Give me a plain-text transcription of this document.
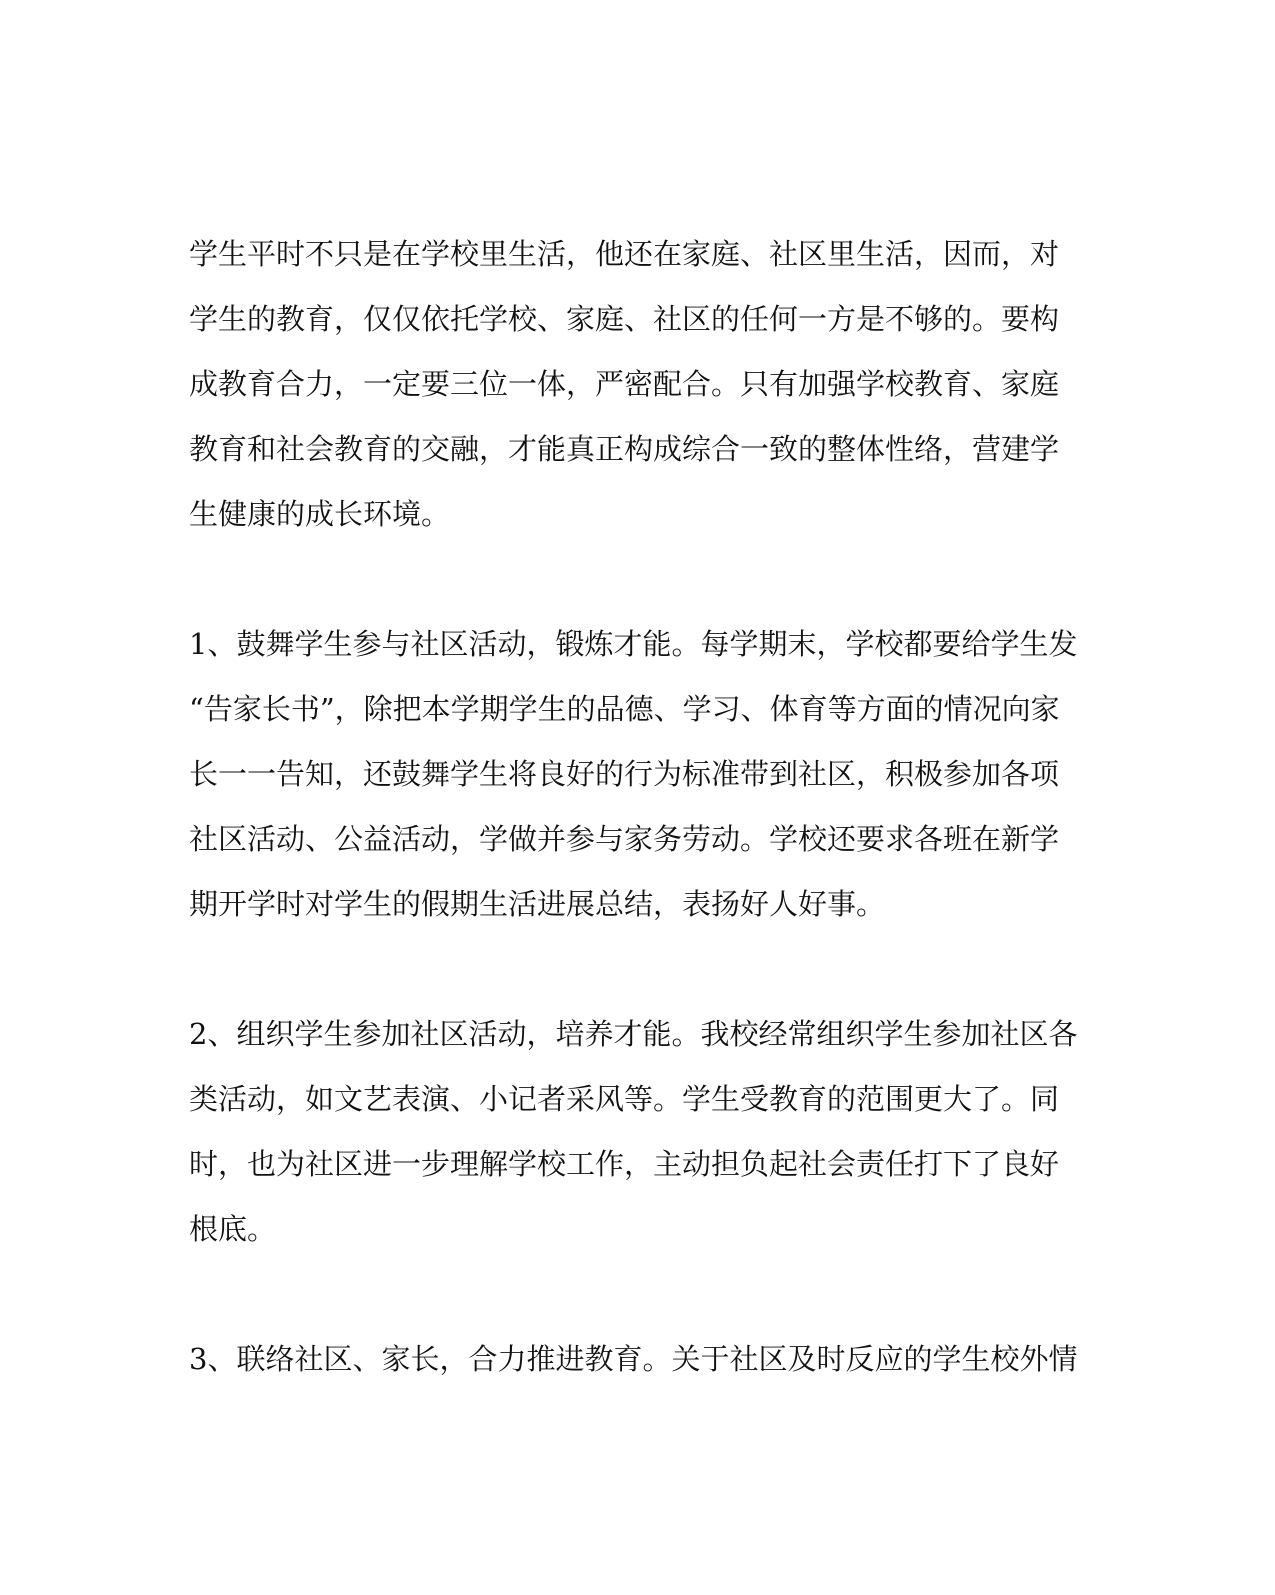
学生平时不只是在学校里生活，他还在家庭、社区里生活，因而，对
学生的教育，仅仅依托学校、家庭、社区的任何一方是不够的。要构
成教育合力，一定要三位一体，严密配合。只有加强学校教育、家庭
教育和社会教育的交融，才能真正构成综合一致的整体性络，营建学
生健康的成长环境。

1、鼓舞学生参与社区活动，锻炼才能。每学期末，学校都要给学生发
“告家长书”，除把本学期学生的品德、学习、体育等方面的情况向家
长一一告知，还鼓舞学生将良好的行为标准带到社区，积极参加各项
社区活动、公益活动，学做并参与家务劳动。学校还要求各班在新学
期开学时对学生的假期生活进展总结，表扬好人好事。

2、组织学生参加社区活动，培养才能。我校经常组织学生参加社区各
类活动，如文艺表演、小记者采风等。学生受教育的范围更大了。同
时，也为社区进一步理解学校工作，主动担负起社会责任打下了良好
根底。

3、联络社区、家长，合力推进教育。关于社区及时反应的学生校外情
